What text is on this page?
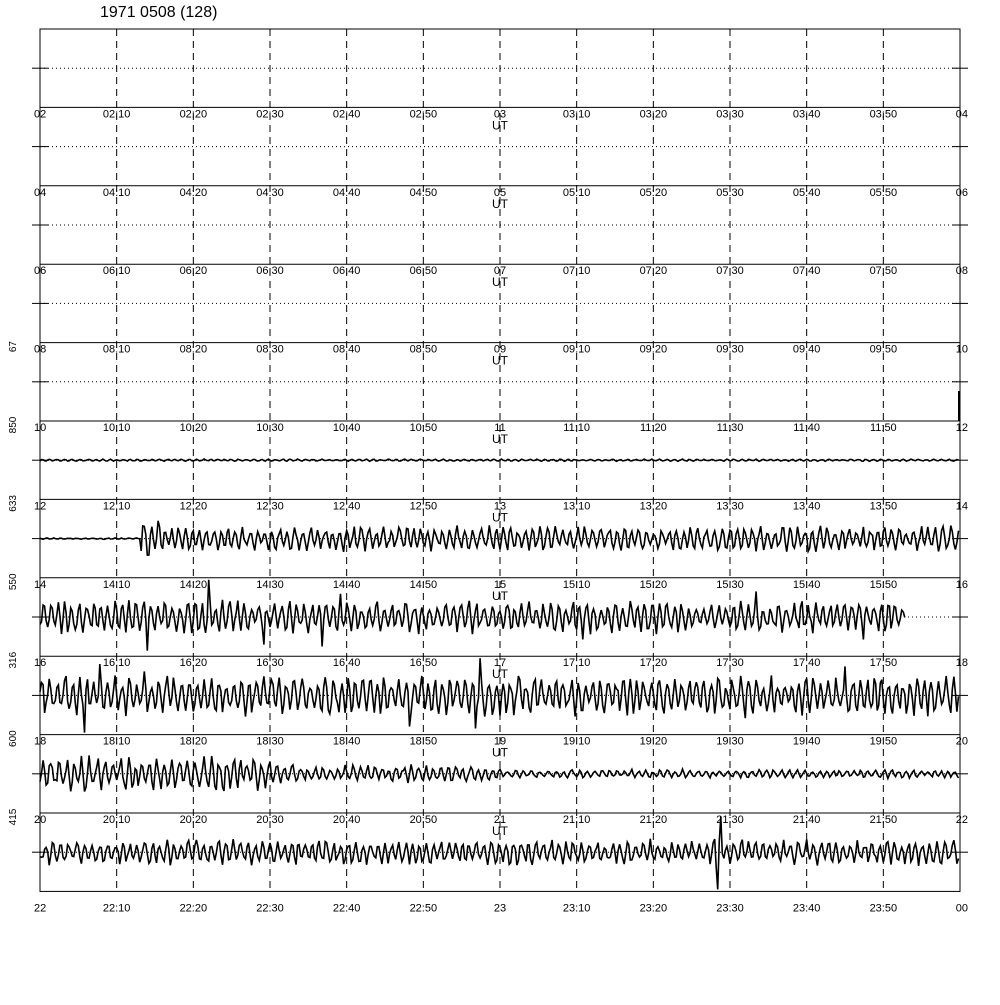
1971 0508 (128)
02	02:10	02:20	02:30	02:40	02:50	03	03:10	03:20	03:30	03:40	03:50	04
UT
04	04:10	04:20	04:30	04:40	04:50	05	05:10	05:20	05:30	05:40	05:50	06
UT
06	06:10	06:20	06:30	06:40	06:50	07	07:10	07:20	07:30	07:40	07:50	08
UT
08	08:10	08:20	08:30	08:40	08:50	09	09:10	09:20	09:30	09:40	09:50	10
UT
67
10	10:10	10:20	10:30	10:40	10:50	11	11:10	11:20	11:30	11:40	11:50	12
UT
850
12	12:10	12:20	12:30	12:40	12:50	13	13:10	13:20	13:30	13:40	13:50	14
UT
633
14	14:10	14:20	14:30	14:40	14:50	15	15:10	15:20	15:30	15:40	15:50	16
UT
550
16	16:10	16:20	16:30	16:40	16:50	17	17:10	17:20	17:30	17:40	17:50	18
UT
316
18	18:10	18:20	18:30	18:40	18:50	19	19:10	19:20	19:30	19:40	19:50	20
UT
600
20	20:10	20:20	20:30	20:40	20:50	21	21:10	21:20	21:30	21:40	21:50	22
UT
415
22	22:10	22:20	22:30	22:40	22:50	23	23:10	23:20	23:30	23:40	23:50	00
